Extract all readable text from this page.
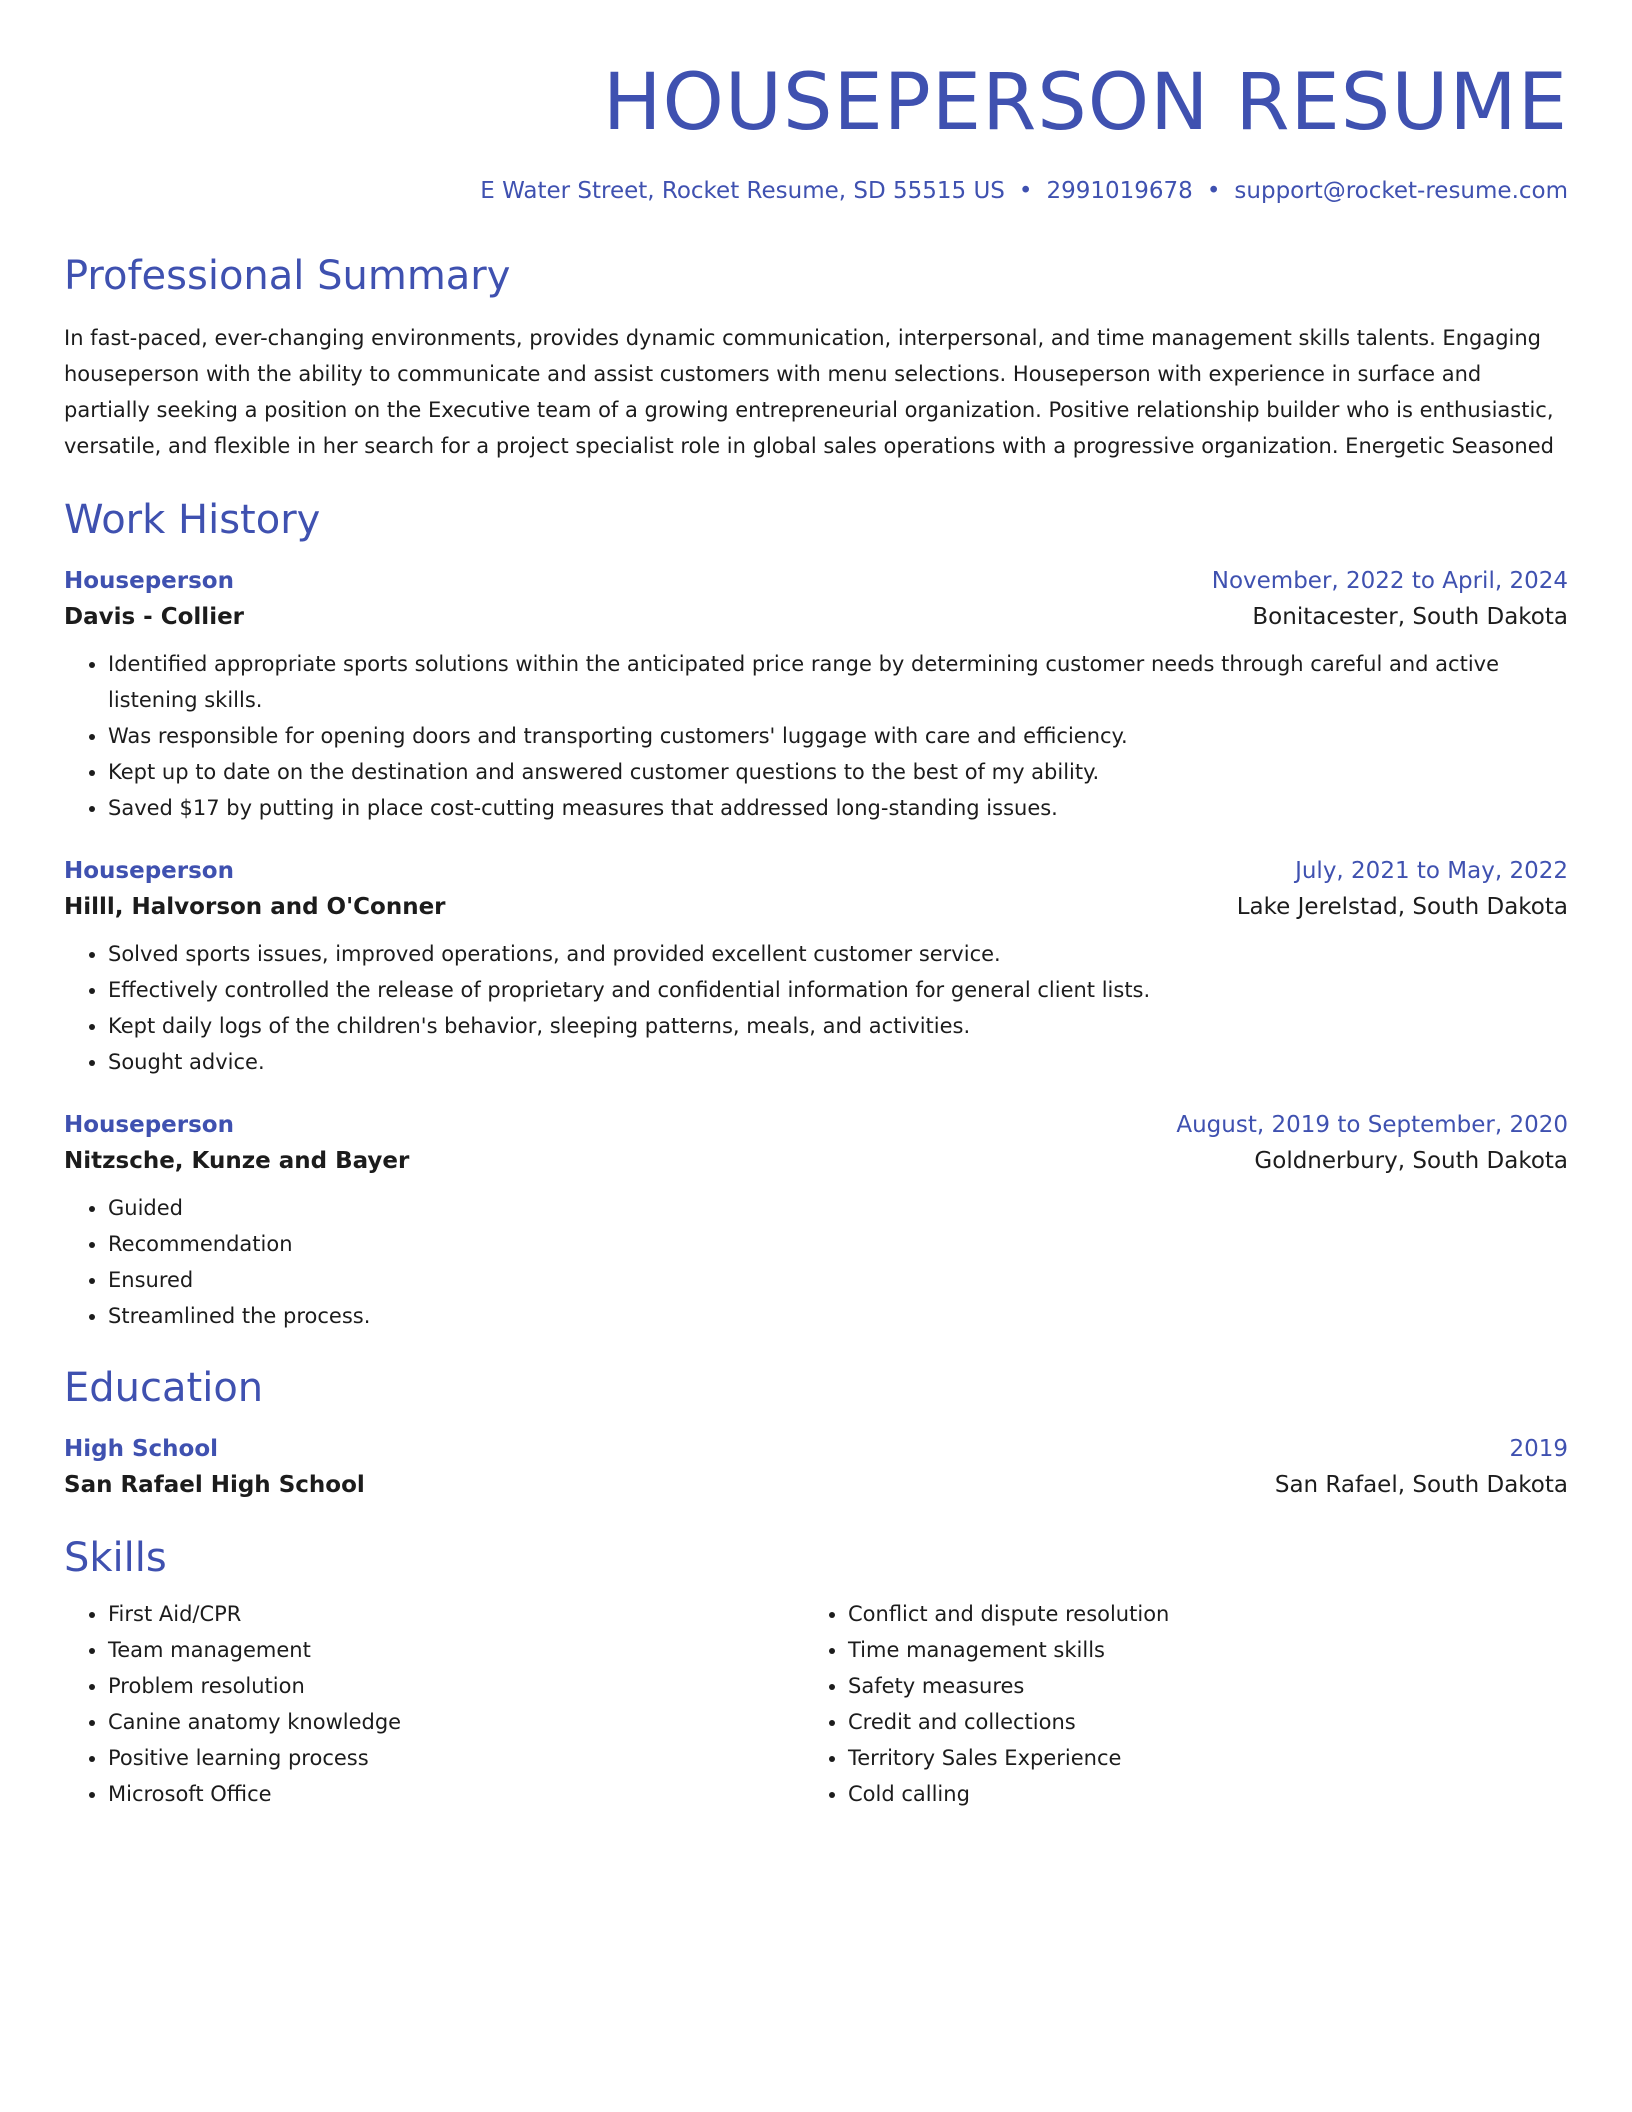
HOUSEPERSON RESUME
E Water Street, Rocket Resume, SD 55515 US • 2991019678 • support@rocket-resume.com
Professional Summary
In fast-paced, ever-changing environments, provides dynamic communication, interpersonal, and time management skills talents. Engaging houseperson with the ability to communicate and assist customers with menu selections. Houseperson with experience in surface and partially seeking a position on the Executive team of a growing entrepreneurial organization. Positive relationship builder who is enthusiastic, versatile, and flexible in her search for a project specialist role in global sales operations with a progressive organization. Energetic Seasoned
Work History
Houseperson	November, 2022 to April, 2024
Davis - Collier	Bonitacester, South Dakota
• Identified appropriate sports solutions within the anticipated price range by determining customer needs through careful and active listening skills.
• Was responsible for opening doors and transporting customers' luggage with care and efficiency.
• Kept up to date on the destination and answered customer questions to the best of my ability.
• Saved $17 by putting in place cost-cutting measures that addressed long-standing issues.
Houseperson	July, 2021 to May, 2022
Hilll, Halvorson and O'Conner	Lake Jerelstad, South Dakota
• Solved sports issues, improved operations, and provided excellent customer service.
• Effectively controlled the release of proprietary and confidential information for general client lists.
• Kept daily logs of the children's behavior, sleeping patterns, meals, and activities.
• Sought advice.
Houseperson	August, 2019 to September, 2020
Nitzsche, Kunze and Bayer	Goldnerbury, South Dakota
• Guided
• Recommendation
• Ensured
• Streamlined the process.
Education
High School	2019
San Rafael High School	San Rafael, South Dakota
Skills
• First Aid/CPR
• Team management
• Problem resolution
• Canine anatomy knowledge
• Positive learning process
• Microsoft Office
• Conflict and dispute resolution
• Time management skills
• Safety measures
• Credit and collections
• Territory Sales Experience
• Cold calling
